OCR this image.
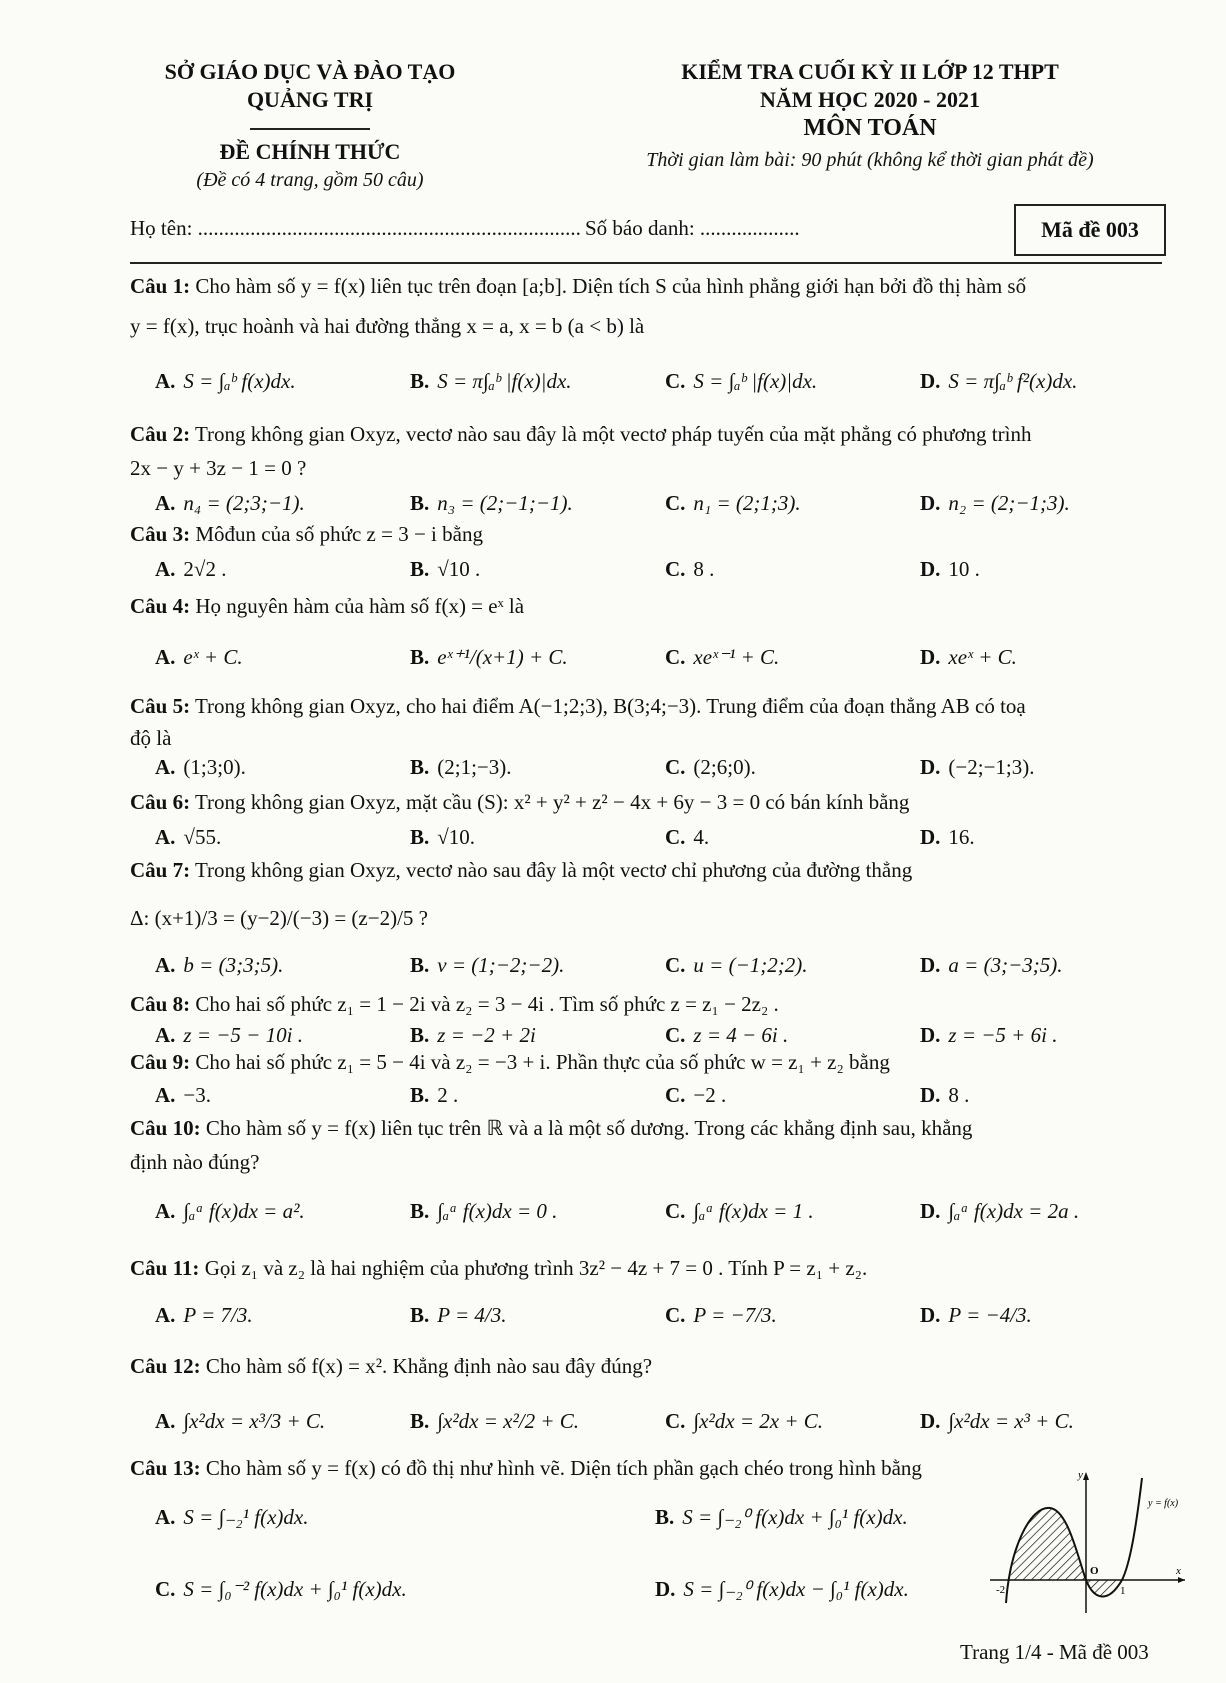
SỞ GIÁO DỤC VÀ ĐÀO TẠO
QUẢNG TRỊ
ĐỀ CHÍNH THỨC
(Đề có 4 trang, gồm 50 câu)
KIỂM TRA CUỐI KỲ II LỚP 12 THPT
NĂM HỌC 2020 - 2021
MÔN TOÁN
Thời gian làm bài: 90 phút (không kể thời gian phát đề)
Họ tên: ......................................................................... Số báo danh: ...................	Mã đề 003
Câu 1: Cho hàm số y = f(x) liên tục trên đoạn [a;b]. Diện tích S của hình phẳng giới hạn bởi đồ thị hàm số
y = f(x), trục hoành và hai đường thẳng x = a, x = b (a < b) là
A. S = ∫ₐᵇ f(x)dx.	B. S = π∫ₐᵇ |f(x)|dx.	C. S = ∫ₐᵇ |f(x)|dx.	D. S = π∫ₐᵇ f²(x)dx.
Câu 2: Trong không gian Oxyz, vectơ nào sau đây là một vectơ pháp tuyến của mặt phẳng có phương trình
2x − y + 3z − 1 = 0 ?
A. n₄ = (2;3;−1).	B. n₃ = (2;−1;−1).	C. n₁ = (2;1;3).	D. n₂ = (2;−1;3).
Câu 3: Môđun của số phức z = 3 − i bằng
A. 2√2 .	B. √10 .	C. 8 .	D. 10 .
Câu 4: Họ nguyên hàm của hàm số f(x) = eˣ là
A. eˣ + C.	B. eˣ⁺¹/(x+1) + C.	C. xeˣ⁻¹ + C.	D. xeˣ + C.
Câu 5: Trong không gian Oxyz, cho hai điểm A(−1;2;3), B(3;4;−3). Trung điểm của đoạn thẳng AB có toạ
độ là
A. (1;3;0).	B. (2;1;−3).	C. (2;6;0).	D. (−2;−1;3).
Câu 6: Trong không gian Oxyz, mặt cầu (S): x² + y² + z² − 4x + 6y − 3 = 0 có bán kính bằng
A. √55.	B. √10.	C. 4.	D. 16.
Câu 7: Trong không gian Oxyz, vectơ nào sau đây là một vectơ chỉ phương của đường thẳng
Δ: (x+1)/3 = (y−2)/(−3) = (z−2)/5 ?
A. b = (3;3;5).	B. v = (1;−2;−2).	C. u = (−1;2;2).	D. a = (3;−3;5).
Câu 8: Cho hai số phức z₁ = 1 − 2i và z₂ = 3 − 4i . Tìm số phức z = z₁ − 2z₂ .
A. z = −5 − 10i .	B. z = −2 + 2i	C. z = 4 − 6i .	D. z = −5 + 6i .
Câu 9: Cho hai số phức z₁ = 5 − 4i và z₂ = −3 + i. Phần thực của số phức w = z₁ + z₂ bằng
A. −3.	B. 2 .	C. −2 .	D. 8 .
Câu 10: Cho hàm số y = f(x) liên tục trên ℝ và a là một số dương. Trong các khẳng định sau, khẳng
định nào đúng?
A. ∫ₐᵃ f(x)dx = a².	B. ∫ₐᵃ f(x)dx = 0 .	C. ∫ₐᵃ f(x)dx = 1 .	D. ∫ₐᵃ f(x)dx = 2a .
Câu 11: Gọi z₁ và z₂ là hai nghiệm của phương trình 3z² − 4z + 7 = 0 . Tính P = z₁ + z₂.
A. P = 7/3.	B. P = 4/3.	C. P = −7/3.	D. P = −4/3.
Câu 12: Cho hàm số f(x) = x². Khẳng định nào sau đây đúng?
A. ∫x²dx = x³/3 + C.	B. ∫x²dx = x²/2 + C.	C. ∫x²dx = 2x + C.	D. ∫x²dx = x³ + C.
Câu 13: Cho hàm số y = f(x) có đồ thị như hình vẽ. Diện tích phần gạch chéo trong hình bằng
A. S = ∫₋₂¹ f(x)dx.	B. S = ∫₋₂⁰ f(x)dx + ∫₀¹ f(x)dx.
C. S = ∫₀⁻² f(x)dx + ∫₀¹ f(x)dx.	D. S = ∫₋₂⁰ f(x)dx − ∫₀¹ f(x)dx.
y
x
y = f(x)
-2
O
1
Trang 1/4 - Mã đề 003
